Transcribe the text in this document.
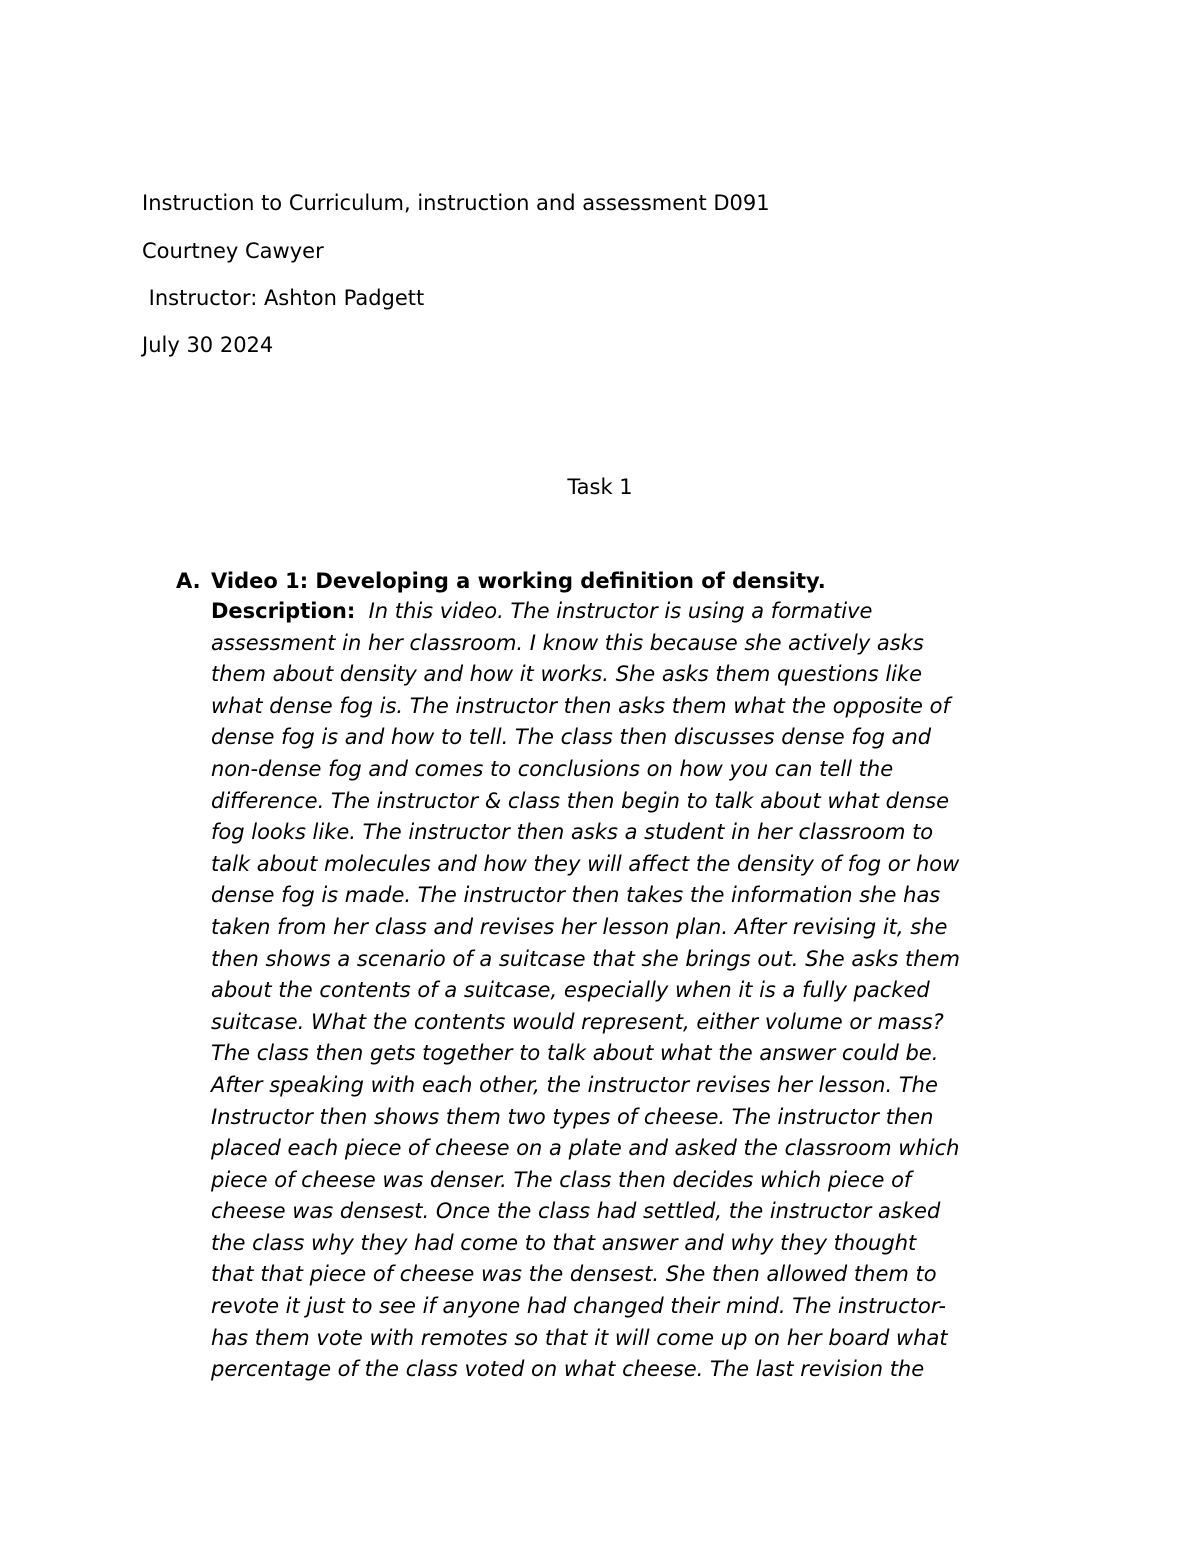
Instruction to Curriculum, instruction and assessment D091
Courtney Cawyer
Instructor: Ashton Padgett
July 30 2024
Task 1
A. Video 1: Developing a working definition of density.
Description: In this video. The instructor is using a formative
assessment in her classroom. I know this because she actively asks
them about density and how it works. She asks them questions like
what dense fog is. The instructor then asks them what the opposite of
dense fog is and how to tell. The class then discusses dense fog and
non-dense fog and comes to conclusions on how you can tell the
difference. The instructor & class then begin to talk about what dense
fog looks like. The instructor then asks a student in her classroom to
talk about molecules and how they will affect the density of fog or how
dense fog is made. The instructor then takes the information she has
taken from her class and revises her lesson plan. After revising it, she
then shows a scenario of a suitcase that she brings out. She asks them
about the contents of a suitcase, especially when it is a fully packed
suitcase. What the contents would represent, either volume or mass?
The class then gets together to talk about what the answer could be.
After speaking with each other, the instructor revises her lesson. The
Instructor then shows them two types of cheese. The instructor then
placed each piece of cheese on a plate and asked the classroom which
piece of cheese was denser. The class then decides which piece of
cheese was densest. Once the class had settled, the instructor asked
the class why they had come to that answer and why they thought
that that piece of cheese was the densest. She then allowed them to
revote it just to see if anyone had changed their mind. The instructor-
has them vote with remotes so that it will come up on her board what
percentage of the class voted on what cheese. The last revision the
